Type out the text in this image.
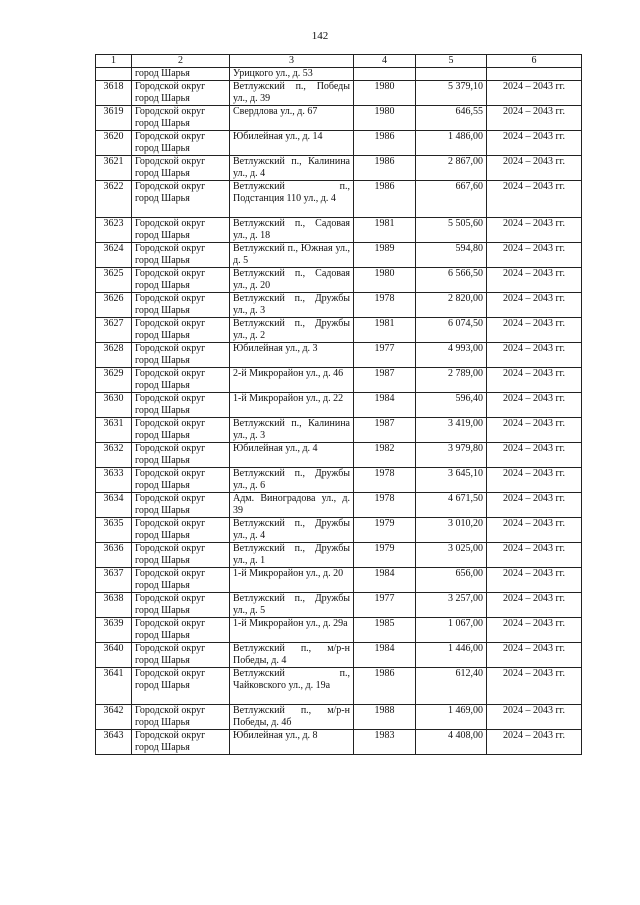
142
1	2	3	4	5	6
	город Шарья	Урицкого ул., д. 53			
3618	Городской округ город Шарья	Ветлужский п., Победы ул., д. 39	1980	5 379,10	2024 – 2043 гг.
3619	Городской округ город Шарья	Свердлова ул., д. 67	1980	646,55	2024 – 2043 гг.
3620	Городской округ город Шарья	Юбилейная ул., д. 14	1986	1 486,00	2024 – 2043 гг.
3621	Городской округ город Шарья	Ветлужский п., Калинина ул., д. 4	1986	2 867,00	2024 – 2043 гг.
3622	Городской округ город Шарья	Ветлужский п., Подстанция 110 ул., д. 4	1986	667,60	2024 – 2043 гг.
3623	Городской округ город Шарья	Ветлужский п., Садовая ул., д. 18	1981	5 505,60	2024 – 2043 гг.
3624	Городской округ город Шарья	Ветлужский п., Южная ул., д. 5	1989	594,80	2024 – 2043 гг.
3625	Городской округ город Шарья	Ветлужский п., Садовая ул., д. 20	1980	6 566,50	2024 – 2043 гг.
3626	Городской округ город Шарья	Ветлужский п., Дружбы ул., д. 3	1978	2 820,00	2024 – 2043 гг.
3627	Городской округ город Шарья	Ветлужский п., Дружбы ул., д. 2	1981	6 074,50	2024 – 2043 гг.
3628	Городской округ город Шарья	Юбилейная ул., д. 3	1977	4 993,00	2024 – 2043 гг.
3629	Городской округ город Шарья	2-й Микрорайон ул., д. 46	1987	2 789,00	2024 – 2043 гг.
3630	Городской округ город Шарья	1-й Микрорайон ул., д. 22	1984	596,40	2024 – 2043 гг.
3631	Городской округ город Шарья	Ветлужский п., Калинина ул., д. 3	1987	3 419,00	2024 – 2043 гг.
3632	Городской округ город Шарья	Юбилейная ул., д. 4	1982	3 979,80	2024 – 2043 гг.
3633	Городской округ город Шарья	Ветлужский п., Дружбы ул., д. 6	1978	3 645,10	2024 – 2043 гг.
3634	Городской округ город Шарья	Адм. Виноградова ул., д. 39	1978	4 671,50	2024 – 2043 гг.
3635	Городской округ город Шарья	Ветлужский п., Дружбы ул., д. 4	1979	3 010,20	2024 – 2043 гг.
3636	Городской округ город Шарья	Ветлужский п., Дружбы ул., д. 1	1979	3 025,00	2024 – 2043 гг.
3637	Городской округ город Шарья	1-й Микрорайон ул., д. 20	1984	656,00	2024 – 2043 гг.
3638	Городской округ город Шарья	Ветлужский п., Дружбы ул., д. 5	1977	3 257,00	2024 – 2043 гг.
3639	Городской округ город Шарья	1-й Микрорайон ул., д. 29а	1985	1 067,00	2024 – 2043 гг.
3640	Городской округ город Шарья	Ветлужский п., м/р-н Победы, д. 4	1984	1 446,00	2024 – 2043 гг.
3641	Городской округ город Шарья	Ветлужский п., Чайковского ул., д. 19а	1986	612,40	2024 – 2043 гг.
3642	Городской округ город Шарья	Ветлужский п., м/р-н Победы, д. 4б	1988	1 469,00	2024 – 2043 гг.
3643	Городской округ город Шарья	Юбилейная ул., д. 8	1983	4 408,00	2024 – 2043 гг.
